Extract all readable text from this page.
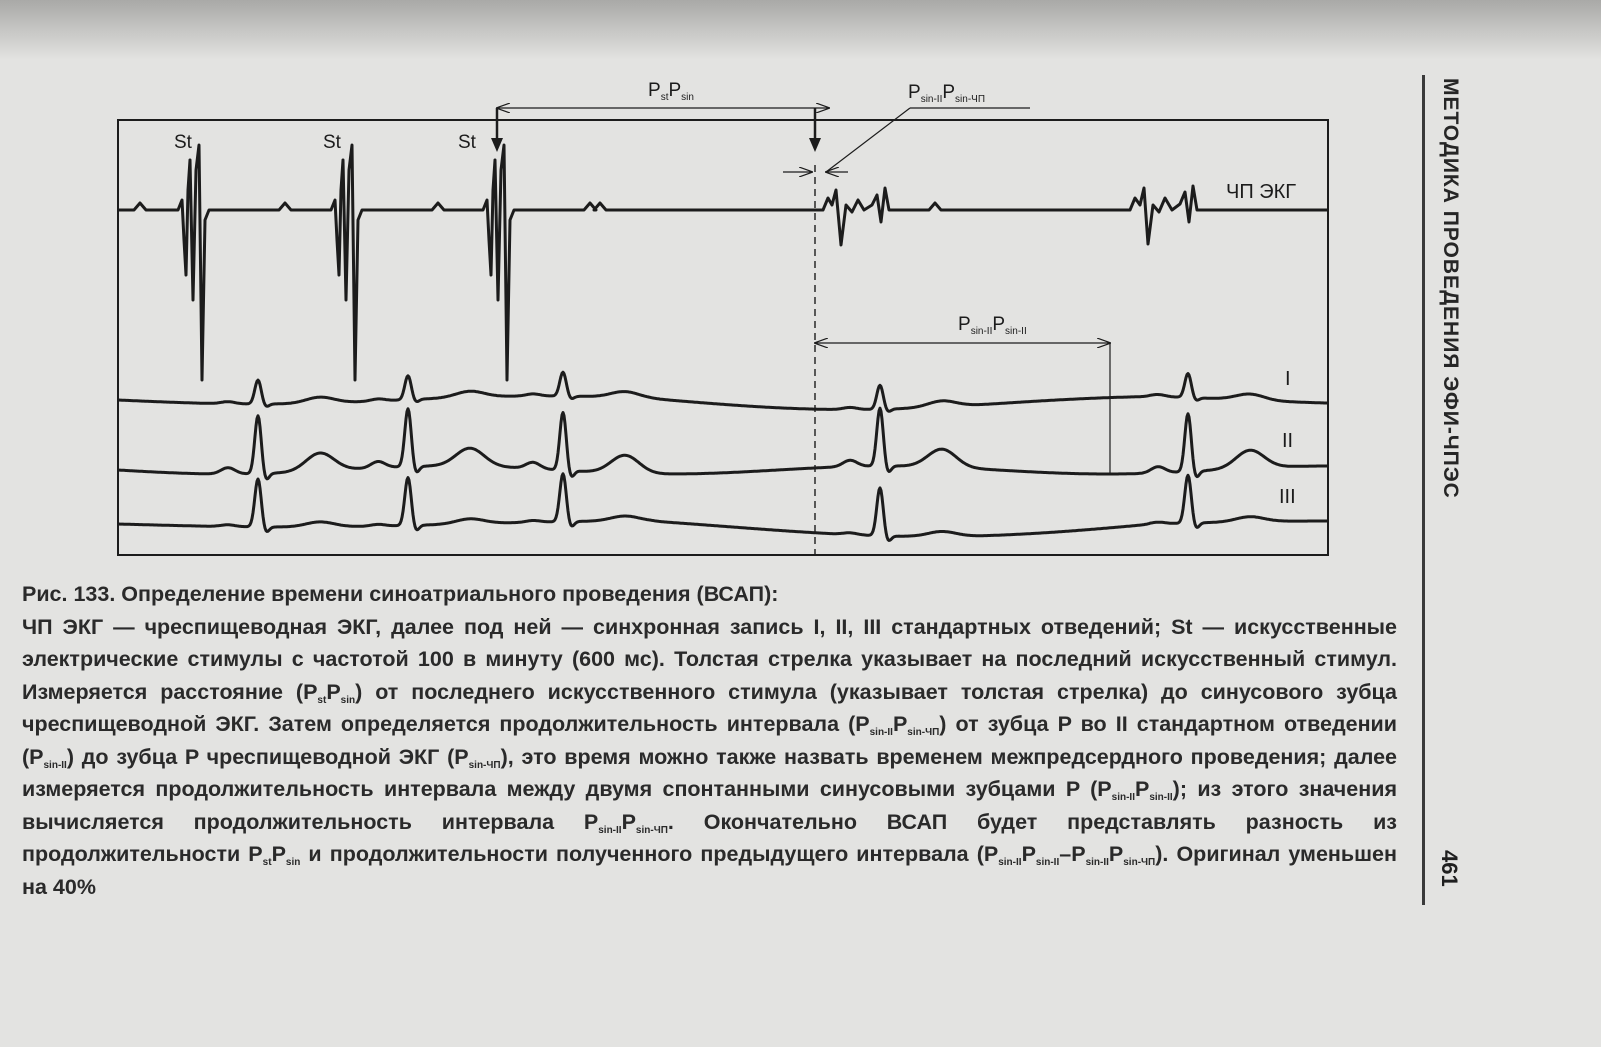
$P_{st}P_{sin}$	$P_{sin-II}P_{sin-ЧП}$
$P_{sin-II}P_{sin-II}$
St	St	St
ЧП ЭКГ
I
II
III

Рис. 133. Определение времени синоатриального проведения (ВСАП):

ЧП ЭКГ — чреспищеводная ЭКГ, далее под ней — синхронная запись I, II, III стандартных отведений; St — искусственные электрические стимулы с частотой 100 в минуту (600 мс). Толстая стрелка указывает на последний искусственный стимул. Измеряется расстояние $(P_{st}P_{sin})$ от последнего искусственного стимула (указывает толстая стрелка) до синусового зубца чреспищеводной ЭКГ. Затем определяется продолжительность интервала $(P_{sin-II}P_{sin-ЧП})$ от зубца P во II стандартном отведении $(P_{sin-II})$ до зубца P чреспищеводной ЭКГ $(P_{sin-ЧП})$, это время можно также назвать временем межпредсердного проведения; далее измеряется продолжительность интервала между двумя спонтанными синусовыми зубцами P $(P_{sin-II}P_{sin-II})$; из этого значения вычисляется продолжительность интервала $P_{sin-II}P_{sin-ЧП}$. Окончательно ВСАП будет представлять разность из продолжительности $P_{st}P_{sin}$ и продолжительности полученного предыдущего интервала $(P_{sin-II}P_{sin-II}-P_{sin-II}P_{sin-ЧП})$. Оригинал уменьшен на 40%

МЕТОДИКА ПРОВЕДЕНИЯ ЭФИ-ЧПЭС
461
